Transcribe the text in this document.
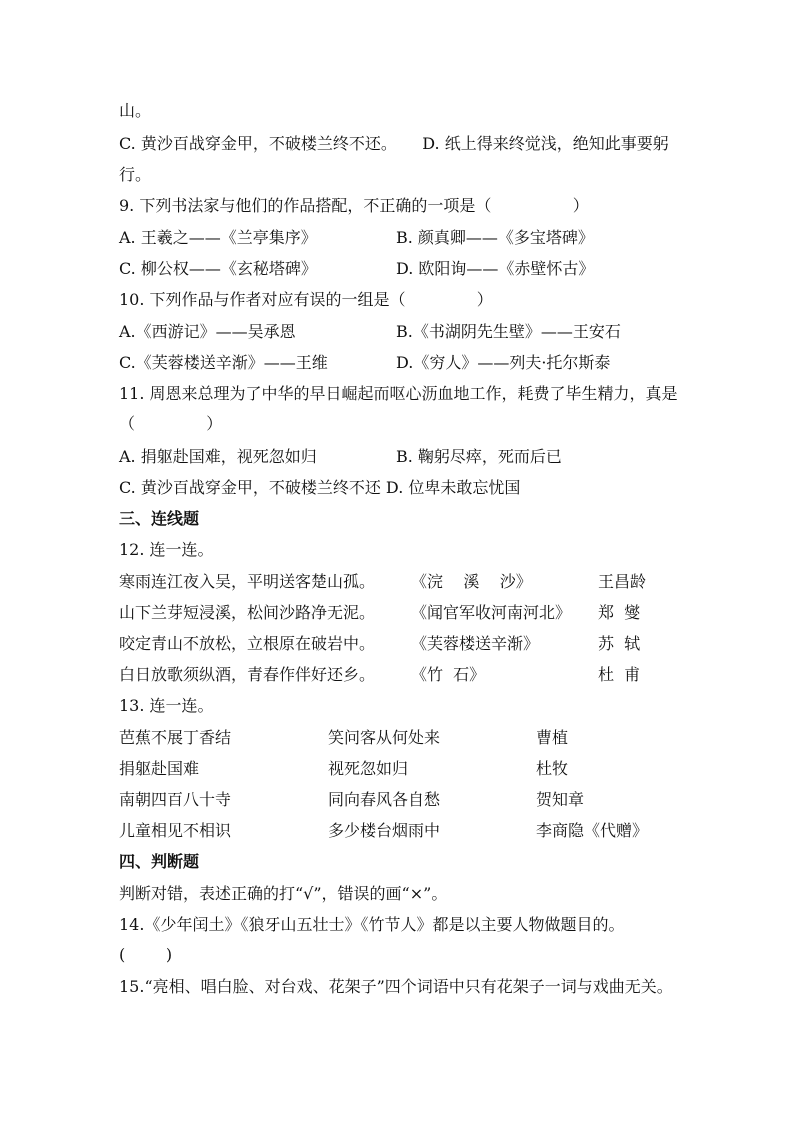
山。
C. 黄沙百战穿金甲，不破楼兰终不还。     D. 纸上得来终觉浅，绝知此事要躬
行。
9. 下列书法家与他们的作品搭配，不正确的一项是（                ）
A. 王羲之——《兰亭集序》	B. 颜真卿——《多宝塔碑》
C. 柳公权——《玄秘塔碑》	D. 欧阳询——《赤壁怀古》
10. 下列作品与作者对应有误的一组是（              ）
A.《西游记》——吴承恩	B.《书湖阴先生壁》——王安石
C.《芙蓉楼送辛渐》——王维	D.《穷人》——列夫·托尔斯泰
11. 周恩来总理为了中华的早日崛起而呕心沥血地工作，耗费了毕生精力，真是
（              ）
A. 捐躯赴国难，视死忽如归	B. 鞠躬尽瘁，死而后已
C. 黄沙百战穿金甲，不破楼兰终不还 D. 位卑未敢忘忧国
三、连线题
12. 连一连。
寒雨连江夜入吴，平明送客楚山孤。 《浣    溪    沙》	王昌龄
山下兰芽短浸溪，松间沙路净无泥。 《闻官军收河南河北》 郑  燮
咬定青山不放松，立根原在破岩中。 《芙蓉楼送辛渐》	苏  轼
白日放歌须纵酒，青春作伴好还乡。 《竹  石》	杜  甫
13. 连一连。
芭蕉不展丁香结	笑问客从何处来	曹植
捐躯赴国难	视死忽如归	杜牧
南朝四百八十寺	同向春风各自愁	贺知章
儿童相见不相识	多少楼台烟雨中	李商隐《代赠》
四、判断题
判断对错，表述正确的打“√”，错误的画“×”。
14.《少年闰土》《狼牙山五壮士》《竹节人》都是以主要人物做题目的。
(        )
15.“亮相、唱白脸、对台戏、花架子”四个词语中只有花架子一词与戏曲无关。
